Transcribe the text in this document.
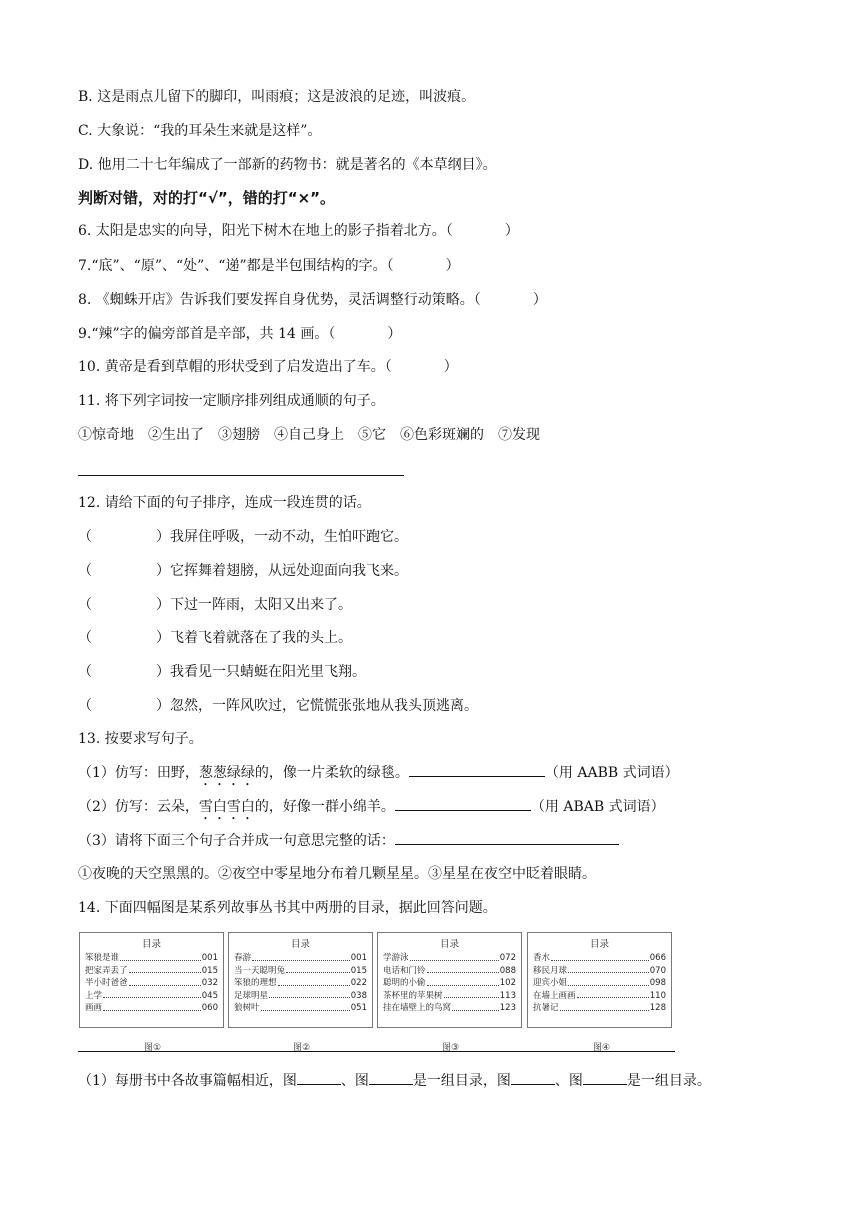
B. 这是雨点儿留下的脚印，叫雨痕；这是波浪的足迹，叫波痕。
C. 大象说：“我的耳朵生来就是这样”。
D. 他用二十七年编成了一部新的药物书：就是著名的《本草纲目》。
判断对错，对的打“√”，错的打“×”。
6. 太阳是忠实的向导，阳光下树木在地上的影子指着北方。（	）
7.“底”、“原”、“处”、“递”都是半包围结构的字。（	）
8. 《蜘蛛开店》告诉我们要发挥自身优势，灵活调整行动策略。（	）
9.“辣”字的偏旁部首是辛部，共 14 画。（	）
10. 黄帝是看到草帽的形状受到了启发造出了车。（	）
11. 将下列字词按一定顺序排列组成通顺的句子。
①惊奇地　②生出了　③翅膀　④自己身上　⑤它　⑥色彩斑斓的　⑦发现
12. 请给下面的句子排序，连成一段连贯的话。
（	）我屏住呼吸，一动不动，生怕吓跑它。
（	）它挥舞着翅膀，从远处迎面向我飞来。
（	）下过一阵雨，太阳又出来了。
（	）飞着飞着就落在了我的头上。
（	）我看见一只蜻蜓在阳光里飞翔。
（	）忽然，一阵风吹过，它慌慌张张地从我头顶逃离。
13. 按要求写句子。
（1）仿写：田野，葱葱绿绿的，像一片柔软的绿毯。	（用 AABB 式词语）
（2）仿写：云朵，雪白雪白的，好像一群小绵羊。	（用 ABAB 式词语）
（3）请将下面三个句子合并成一句意思完整的话：
①夜晚的天空黑黑的。②夜空中零星地分布着几颗星星。③星星在夜空中眨着眼睛。
14. 下面四幅图是某系列故事丛书其中两册的目录，据此回答问题。
目录
笨狼是谁	001
把家弄丢了	015
半小时爸爸	032
上学	045
画画	060
目录
春游	001
当一天聪明兔	015
笨狼的理想	022
足球明星	038
狼树叶	051
目录
学游泳	072
电话和门铃	088
聪明的小偷	102
茶杯里的苹果树	113
挂在墙壁上的鸟窝	123
目录
香水	066
移民月球	070
迎宾小姐	098
在墙上画画	110
抗暑记	128
图①	图②	图③	图④
（1）每册书中各故事篇幅相近，图	、图	是一组目录，图	、图	是一组目录。
